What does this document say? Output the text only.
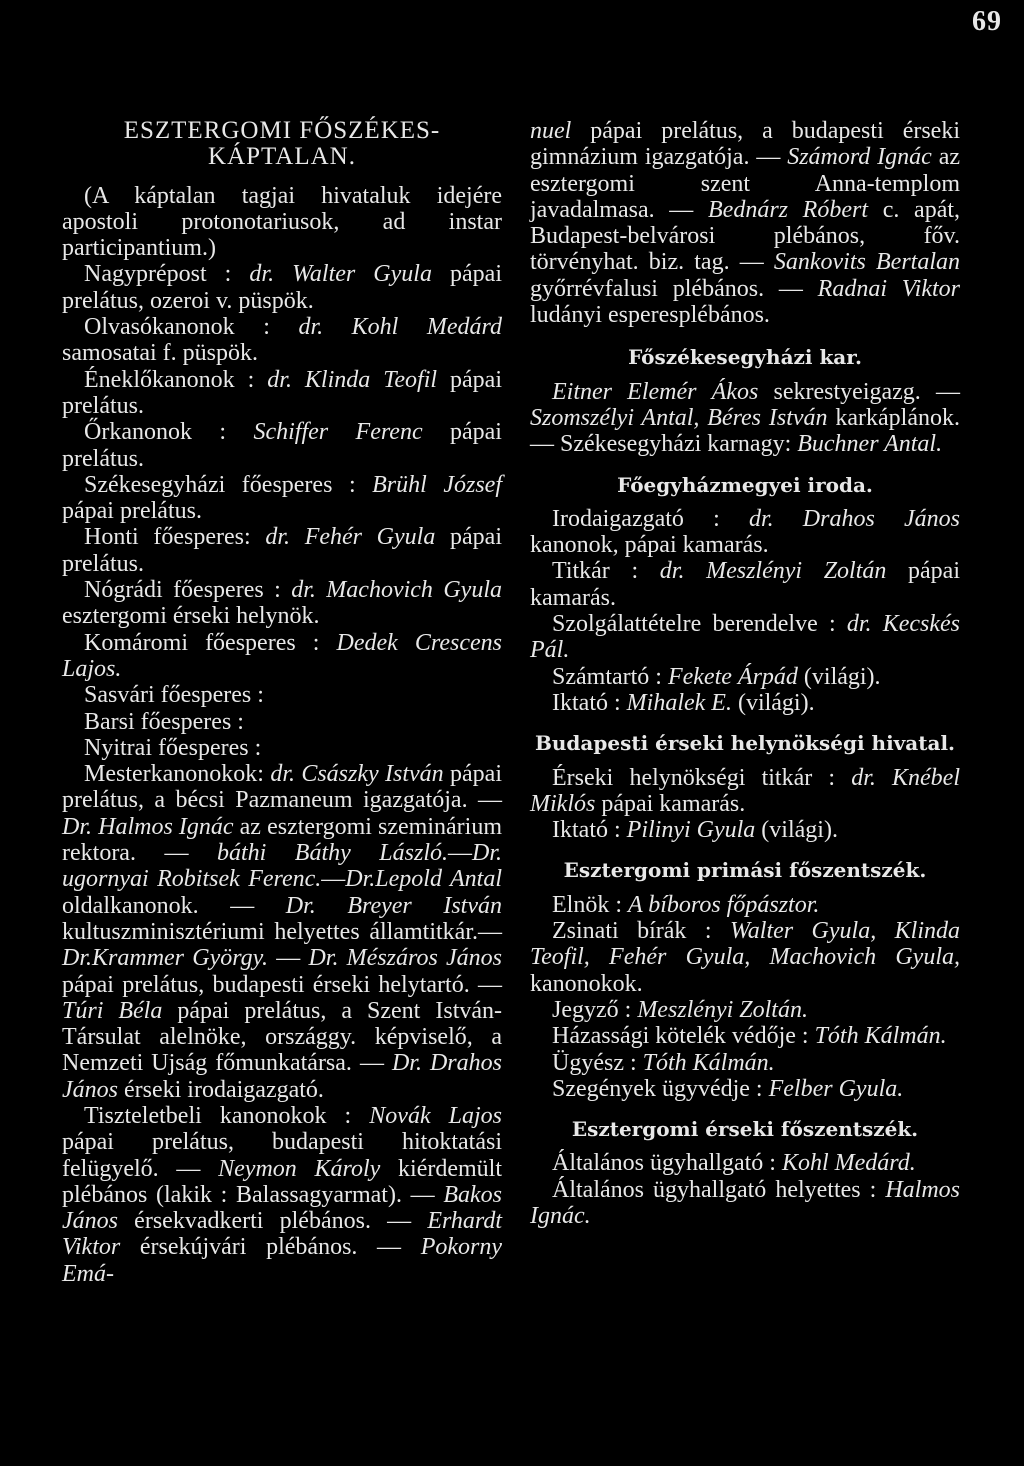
69

ESZTERGOMI FŐSZÉKES-

KÁPTALAN.

(A káptalan tagjai hivataluk idejére apostoli protonotariusok, ad instar participantium.)

Nagyprépost : dr. Walter Gyula pápai prelátus, ozeroi v. püspök.

Olvasókanonok : dr. Kohl Medárd samosatai f. püspök.

Éneklőkanonok : dr. Klinda Teofil pápai prelátus.

Őrkanonok : Schiffer Ferenc pápai prelátus.

Székesegyházi főesperes : Brühl József pápai prelátus.

Honti főesperes: dr. Fehér Gyula pápai prelátus.

Nógrádi főesperes : dr. Machovich Gyula esztergomi érseki helynök.

Komáromi főesperes : Dedek Crescens Lajos.

Sasvári főesperes :

Barsi főesperes :

Nyitrai főesperes :

Mesterkanonokok: dr. Császky István pápai prelátus, a bécsi Pazmaneum igazgatója. — Dr. Halmos Ignác az esztergomi szeminárium rektora. — báthi Báthy László.—Dr. ugornyai Robitsek Ferenc.—Dr.Lepold Antal oldalkanonok. — Dr. Breyer István kultuszminisztériumi helyettes államtitkár.—Dr.Krammer György. — Dr. Mészáros János pápai prelátus, budapesti érseki helytartó. —Túri Béla pápai prelátus, a Szent István-Társulat alelnöke, országgy. képviselő, a Nemzeti Ujság főmunkatársa. — Dr. Drahos János érseki irodaigazgató.

Tiszteletbeli kanonokok : Novák Lajos pápai prelátus, budapesti hitoktatási felügyelő. — Neymon Károly kiérdemült plébános (lakik : Balassagyarmat). — Bakos János érsekvadkerti plébános. — Erhardt Viktor érsekújvári plébános. — Pokorny Emá-

nuel pápai prelátus, a budapesti érseki gimnázium igazgatója. — Számord Ignác az esztergomi szent Anna-templom javadalmasa. — Bednárz Róbert c. apát, Budapest-belvárosi plébános, főv. törvényhat. biz. tag. — Sankovits Bertalan győrrévfalusi plébános. — Radnai Viktor ludányi esperesplébános.

Főszékesegyházi kar.

Eitner Elemér Ákos sekrestyeigazg. — Szomszélyi Antal, Béres István karkáplánok. — Székesegyházi karnagy: Buchner Antal.

Főegyházmegyei iroda.

Irodaigazgató : dr. Drahos János kanonok, pápai kamarás.

Titkár : dr. Meszlényi Zoltán pápai kamarás.

Szolgálattételre berendelve : dr. Kecskés Pál.

Számtartó : Fekete Árpád (világi).

Iktató : Mihalek E. (világi).

Budapesti érseki helynökségi hivatal.

Érseki helynökségi titkár : dr. Knébel Miklós pápai kamarás.

Iktató : Pilinyi Gyula (világi).

Esztergomi primási főszentszék.

Elnök : A bíboros főpásztor.

Zsinati bírák : Walter Gyula, Klinda Teofil, Fehér Gyula, Machovich Gyula, kanonokok.

Jegyző : Meszlényi Zoltán.

Házassági kötelék védője : Tóth Kálmán.

Ügyész : Tóth Kálmán.

Szegények ügyvédje : Felber Gyula.

Esztergomi érseki főszentszék.

Általános ügyhallgató : Kohl Medárd.

Általános ügyhallgató helyettes : Halmos Ignác.
